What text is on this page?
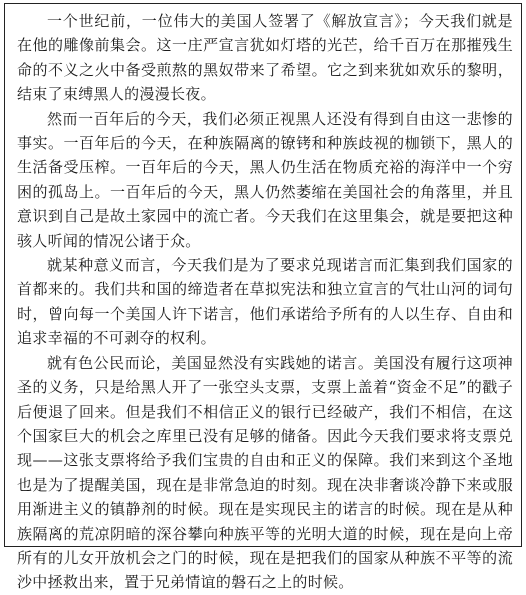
一个世纪前，一位伟大的美国人签署了《解放宣言》；今天我们就是在他的雕像前集会。这一庄严宣言犹如灯塔的光芒，给千百万在那摧残生命的不义之火中备受煎熬的黑奴带来了希望。它之到来犹如欢乐的黎明，结束了束缚黑人的漫漫长夜。

然而一百年后的今天，我们必须正视黑人还没有得到自由这一悲惨的事实。一百年后的今天，在种族隔离的镣铐和种族歧视的枷锁下，黑人的生活备受压榨。一百年后的今天，黑人仍生活在物质充裕的海洋中一个穷困的孤岛上。一百年后的今天，黑人仍然萎缩在美国社会的角落里，并且意识到自己是故土家园中的流亡者。今天我们在这里集会，就是要把这种骇人听闻的情况公诸于众。

就某种意义而言，今天我们是为了要求兑现诺言而汇集到我们国家的首都来的。我们共和国的缔造者在草拟宪法和独立宣言的气壮山河的词句时，曾向每一个美国人许下诺言，他们承诺给予所有的人以生存、自由和追求幸福的不可剥夺的权利。

就有色公民而论，美国显然没有实践她的诺言。美国没有履行这项神圣的义务，只是给黑人开了一张空头支票，支票上盖着“资金不足”的戳子后便退了回来。但是我们不相信正义的银行已经破产，我们不相信，在这个国家巨大的机会之库里已没有足够的储备。因此今天我们要求将支票兑现——这张支票将给予我们宝贵的自由和正义的保障。我们来到这个圣地也是为了提醒美国，现在是非常急迫的时刻。现在决非奢谈冷静下来或服用渐进主义的镇静剂的时候。现在是实现民主的诺言的时候。现在是从种族隔离的荒凉阴暗的深谷攀向种族平等的光明大道的时候，现在是向上帝所有的儿女开放机会之门的时候，现在是把我们的国家从种族不平等的流沙中拯救出来，置于兄弟情谊的磐石之上的时候。
